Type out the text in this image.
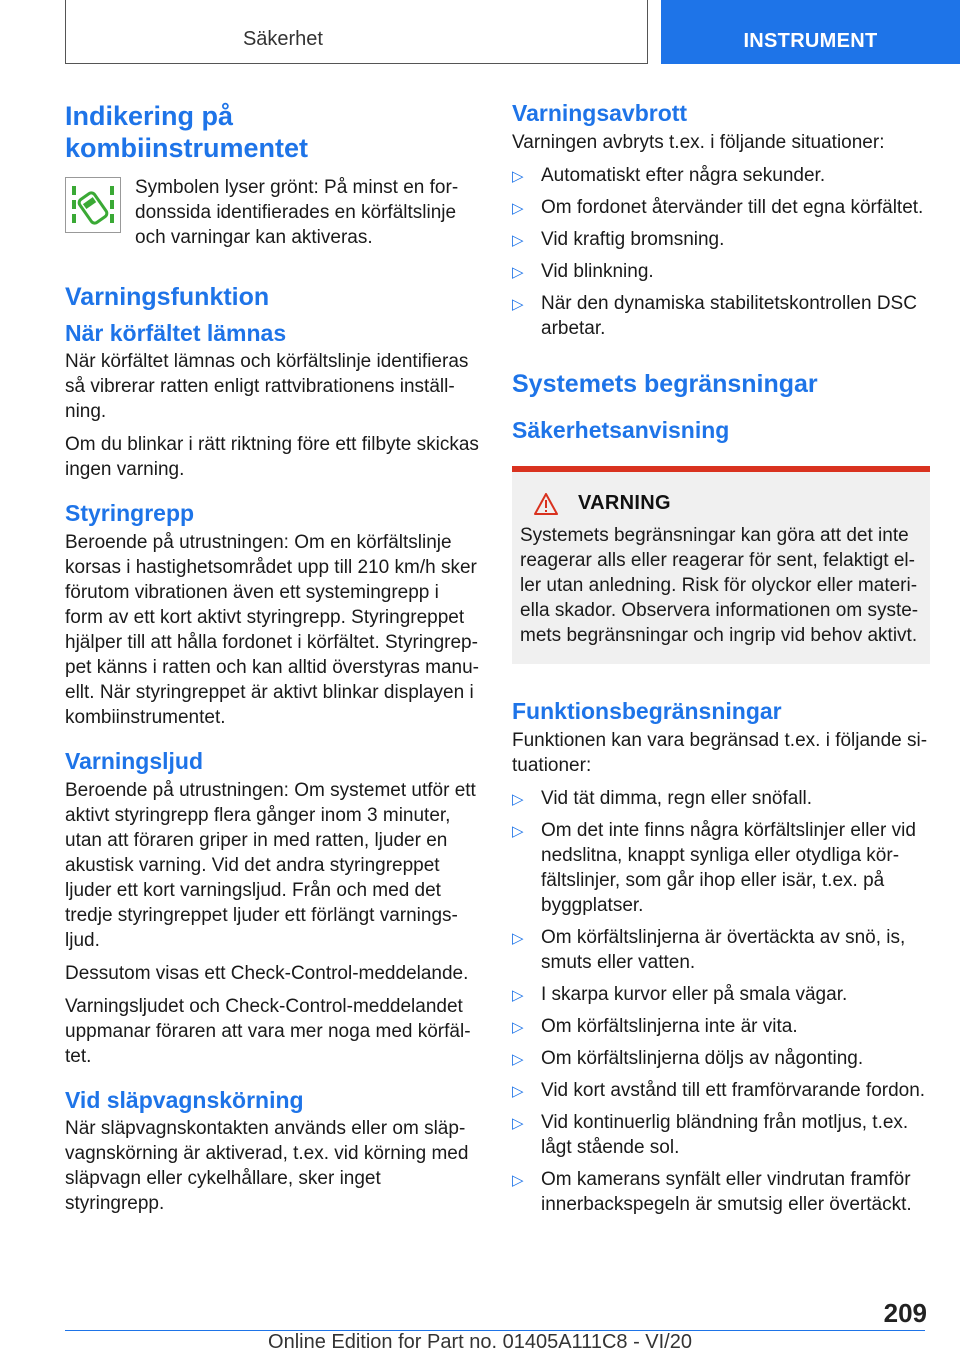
Säkerhet	INSTRUMENT
Indikering på kombiinstrumentet

Symbolen lyser grönt: På minst en fordonssida identifierades en körfältslinje och varningar kan aktiveras.

Varningsfunktion
När körfältet lämnas

När körfältet lämnas och körfältslinje identifieras så vibrerar ratten enligt rattvibrationens inställning.

Om du blinkar i rätt riktning före ett filbyte skickas ingen varning.

Styringrepp

Beroende på utrustningen: Om en körfältslinje korsas i hastighetsområdet upp till 210 km/h sker förutom vibrationen även ett systemingrepp i form av ett kort aktivt styringrepp. Styringreppet hjälper till att hålla fordonet i körfältet. Styringreppet känns i ratten och kan alltid överstyras manuellt. När styringreppet är aktivt blinkar displayen i kombiinstrumentet.

Varningsljud

Beroende på utrustningen: Om systemet utför ett aktivt styringrepp flera gånger inom 3 minuter, utan att föraren griper in med ratten, ljuder en akustisk varning. Vid det andra styringreppet ljuder ett kort varningsljud. Från och med det tredje styringreppet ljuder ett förlängt varningsljud.

Dessutom visas ett Check-Control-meddelande.

Varningsljudet och Check-Control-meddelandet uppmanar föraren att vara mer noga med körfältet.

Vid släpvagnskörning

När släpvagnskontakten används eller om släpvagnskörning är aktiverad, t.ex. vid körning med släpvagn eller cykelhållare, sker inget styringrepp.

Varningsavbrott

Varningen avbryts t.ex. i följande situationer:

▷ Automatiskt efter några sekunder.
▷ Om fordonet återvänder till det egna körfältet.
▷ Vid kraftig bromsning.
▷ Vid blinkning.
▷ När den dynamiska stabilitetskontrollen DSC arbetar.
Systemets begränsningar
Säkerhetsanvisning
VARNING

Systemets begränsningar kan göra att det inte reagerar alls eller reagerar för sent, felaktigt eller utan anledning. Risk för olyckor eller materiella skador. Observera informationen om systemets begränsningar och ingrip vid behov aktivt.

Funktionsbegränsningar

Funktionen kan vara begränsad t.ex. i följande situationer:

▷ Vid tät dimma, regn eller snöfall.
▷ Om det inte finns några körfältslinjer eller vid nedslitna, knappt synliga eller otydliga körfältslinjer, som går ihop eller isär, t.ex. på byggplatser.
▷ Om körfältslinjerna är övertäckta av snö, is, smuts eller vatten.
▷ I skarpa kurvor eller på smala vägar.
▷ Om körfältslinjerna inte är vita.
▷ Om körfältslinjerna döljs av någonting.
▷ Vid kort avstånd till ett framförvarande fordon.
▷ Vid kontinuerlig bländning från motljus, t.ex. lågt stående sol.
▷ Om kamerans synfält eller vindrutan framför innerbackspegeln är smutsig eller övertäckt.
209
Online Edition for Part no. 01405A111C8 - VI/20
